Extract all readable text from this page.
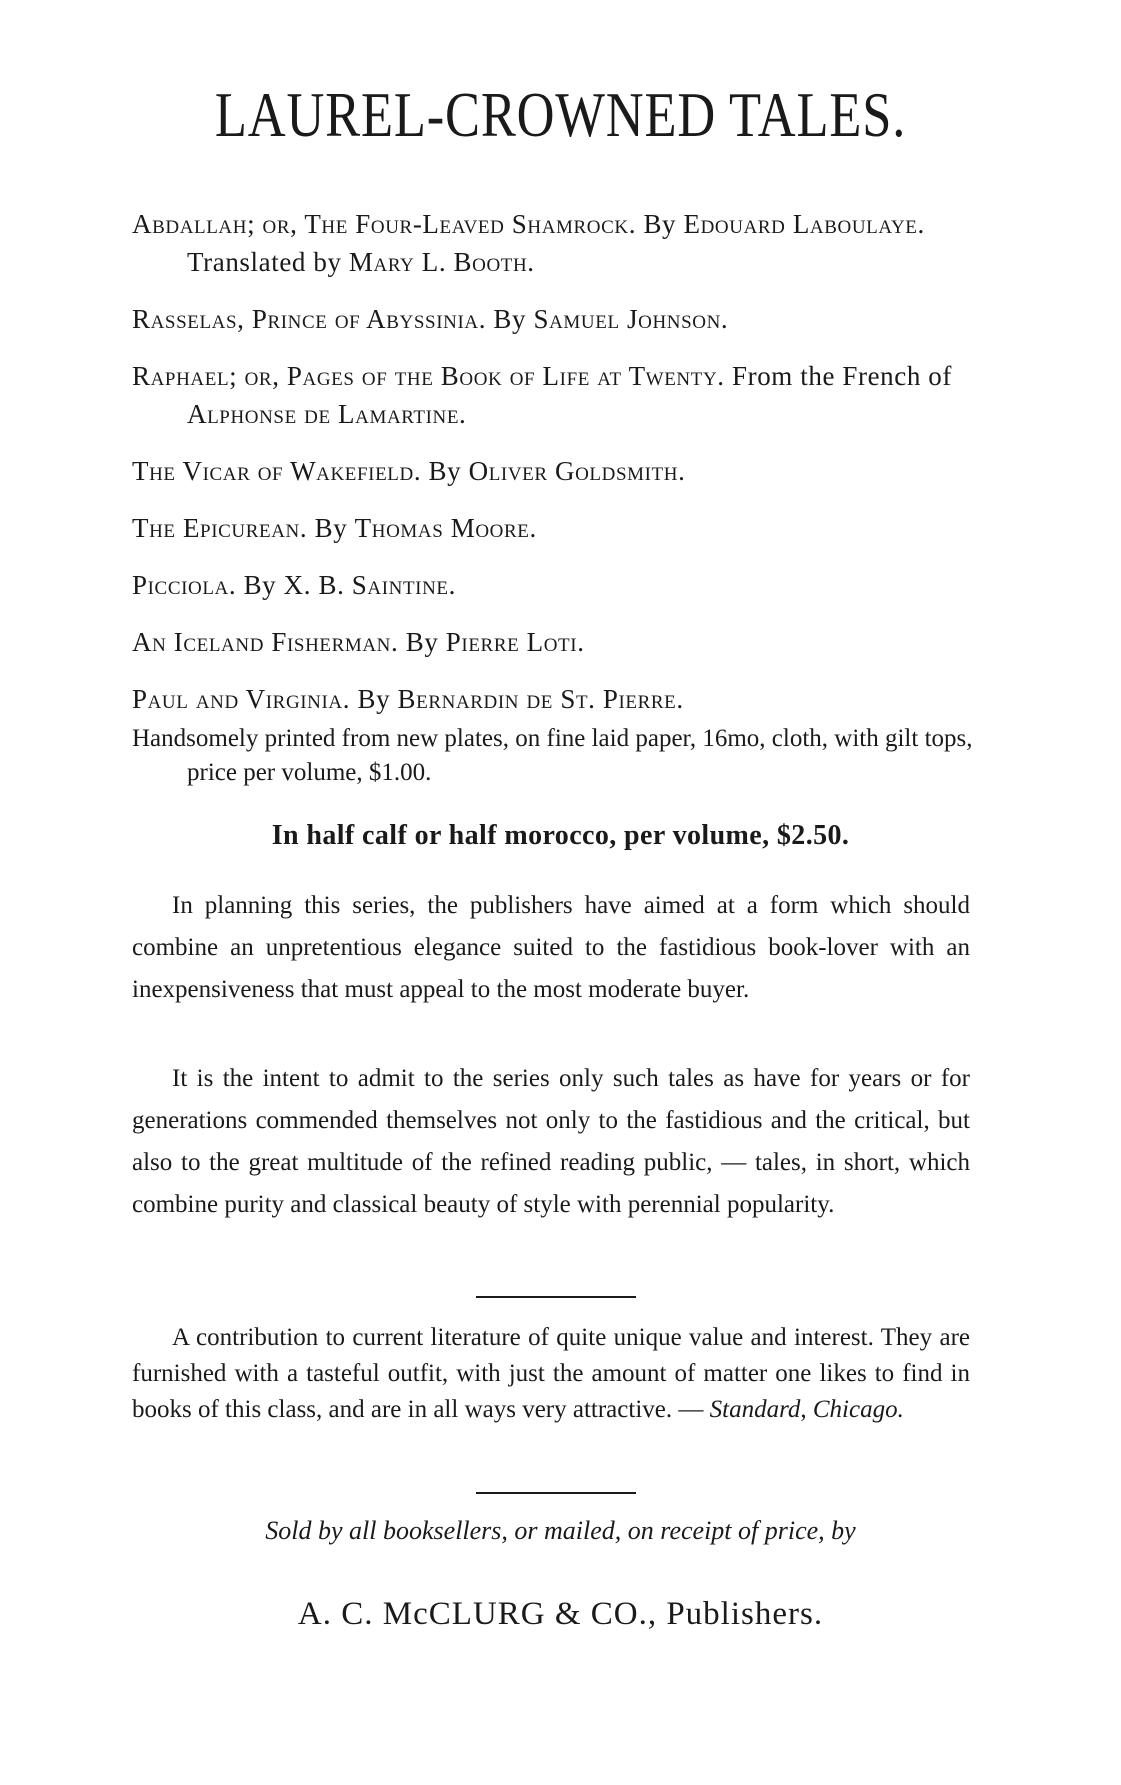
LAUREL-CROWNED TALES.
Abdallah; or, The Four-Leaved Shamrock. By Edouard Laboulaye. Translated by Mary L. Booth.
Rasselas, Prince of Abyssinia. By Samuel Johnson.
Raphael; or, Pages of the Book of Life at Twenty. From the French of Alphonse de Lamartine.
The Vicar of Wakefield. By Oliver Goldsmith.
The Epicurean. By Thomas Moore.
Picciola. By X. B. Saintine.
An Iceland Fisherman. By Pierre Loti.
Paul and Virginia. By Bernardin de St. Pierre.
Handsomely printed from new plates, on fine laid paper, 16mo, cloth, with gilt tops, price per volume, $1.00.
In half calf or half morocco, per volume, $2.50.
In planning this series, the publishers have aimed at a form which should combine an unpretentious elegance suited to the fastidious book-lover with an inexpensiveness that must appeal to the most moderate buyer.
It is the intent to admit to the series only such tales as have for years or for generations commended themselves not only to the fastidious and the critical, but also to the great multitude of the refined reading public, — tales, in short, which combine purity and classical beauty of style with perennial popularity.
A contribution to current literature of quite unique value and interest. They are furnished with a tasteful outfit, with just the amount of matter one likes to find in books of this class, and are in all ways very attractive. — Standard, Chicago.
Sold by all booksellers, or mailed, on receipt of price, by
A. C. McCLURG & CO., Publishers.
